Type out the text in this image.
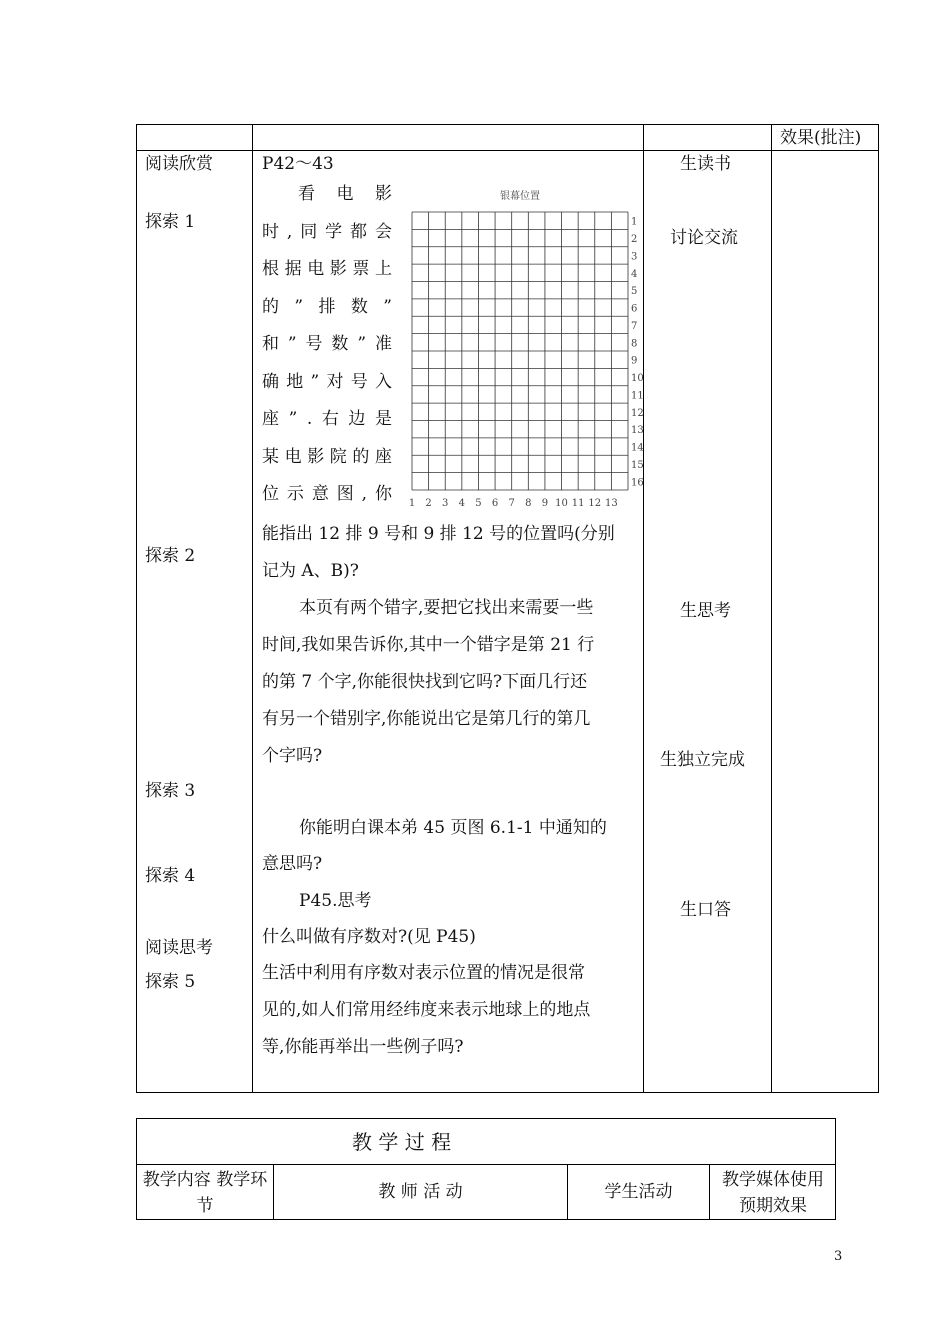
效果(批注)
阅读欣赏
探索 1
探索 2
探索 3
探索 4
阅读思考
探索 5
P42～43
看 电 影
时 , 同 学 都 会
根 据 电 影 票 上
的 ” 排 数 ”
和 ” 号 数 ” 准
确 地 ” 对 号 入
座 ” . 右 边 是
某 电 影 院 的 座
位 示 意 图 , 你
银幕位置
1
2
3
4
5
6
7
8
9
10
11
12
13
14
15
16
1 2 3 4 5 6 7 8 9 10 11 12 13
能指出 12 排 9 号和 9 排 12 号的位置吗(分别
记为 A、B)?
本页有两个错字,要把它找出来需要一些
时间,我如果告诉你,其中一个错字是第 21 行
的第 7 个字,你能很快找到它吗?下面几行还
有另一个错别字,你能说出它是第几行的第几
个字吗?
你能明白课本弟 45 页图 6.1-1 中通知的
意思吗?
P45.思考
什么叫做有序数对?(见 P45)
生活中利用有序数对表示位置的情况是很常
见的,如人们常用经纬度来表示地球上的地点
等,你能再举出一些例子吗?
生读书
讨论交流
生思考
生独立完成
生口答
教 学 过 程
教学内容 教学环节
教 师 活 动	学生活动
教学媒体使用预期效果
3
